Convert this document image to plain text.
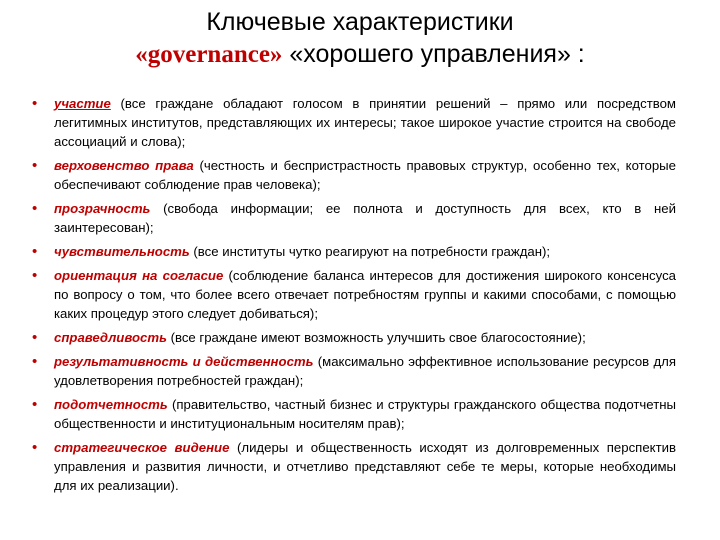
Ключевые характеристики
«governance» «хорошего управления» :
• участие (все граждане обладают голосом в принятии решений – прямо или посредством легитимных институтов, представляющих их интересы; такое широкое участие строится на свободе ассоциаций и слова);
• верховенство права (честность и беспристрастность правовых структур, особенно тех, которые обеспечивают соблюдение прав человека);
• прозрачность (свобода информации; ее полнота и доступность для всех, кто в ней заинтересован);
• чувствительность (все институты чутко реагируют на потребности граждан);
• ориентация на согласие (соблюдение баланса интересов для достижения широкого консенсуса по вопросу о том, что более всего отвечает потребностям группы и какими способами, с помощью каких процедур этого следует добиваться);
• справедливость (все граждане имеют возможность улучшить свое благосостояние);
• результативность и действенность (максимально эффективное использование ресурсов для удовлетворения потребностей граждан);
• подотчетность (правительство, частный бизнес и структуры гражданского общества подотчетны общественности и институциональным носителям прав);
• стратегическое видение (лидеры и общественность исходят из долговременных перспектив управления и развития личности, и отчетливо представляют себе те меры, которые необходимы для их реализации).
